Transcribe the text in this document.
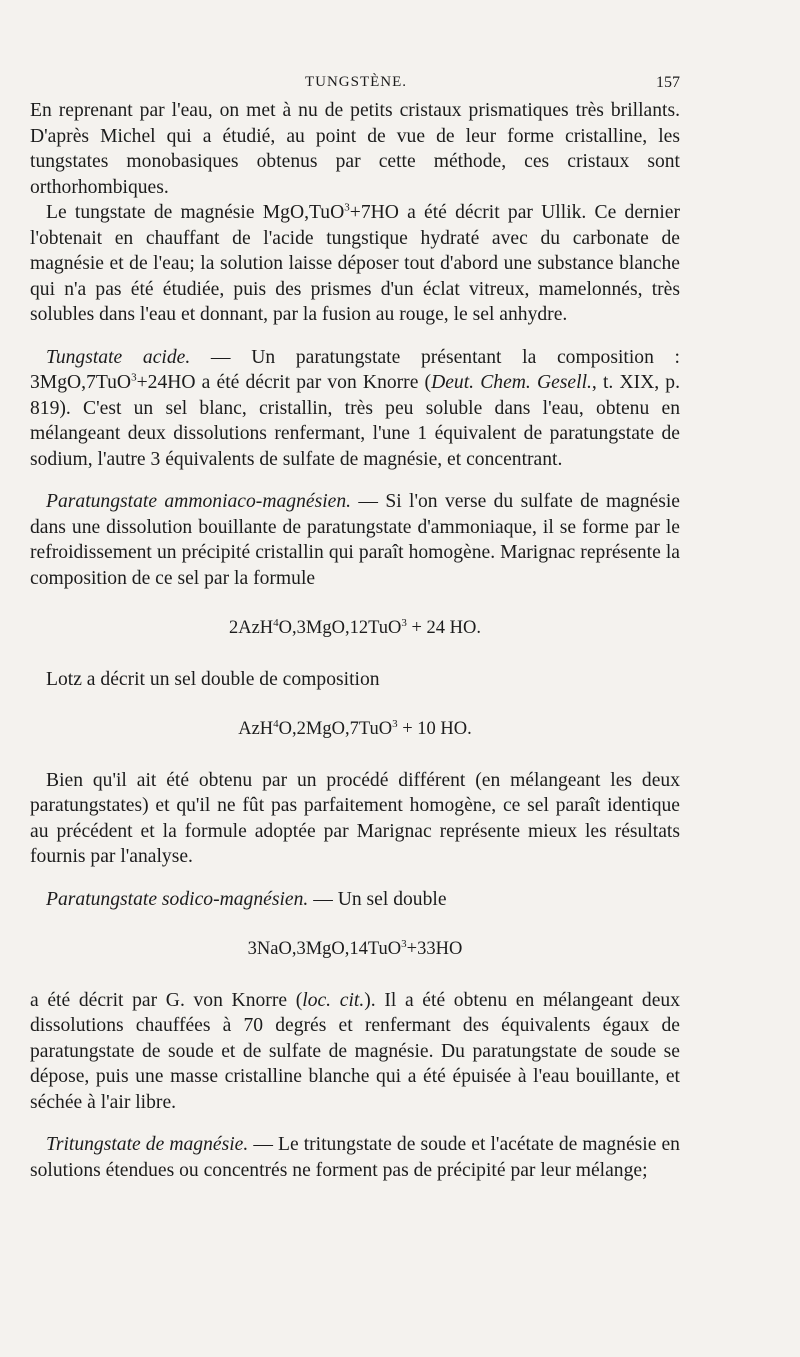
TUNGSTÈNE.	157

En reprenant par l'eau, on met à nu de petits cristaux prismatiques très brillants. D'après Michel qui a étudié, au point de vue de leur forme cristalline, les tungstates monobasiques obtenus par cette méthode, ces cristaux sont orthorhombiques.

Le tungstate de magnésie MgO,TuO$^3$+7HO a été décrit par Ullik. Ce dernier l'obtenait en chauffant de l'acide tungstique hydraté avec du carbonate de magnésie et de l'eau; la solution laisse déposer tout d'abord une substance blanche qui n'a pas été étudiée, puis des prismes d'un éclat vitreux, mamelonnés, très solubles dans l'eau et donnant, par la fusion au rouge, le sel anhydre.

Tungstate acide. — Un paratungstate présentant la composition : 3MgO,7TuO$^3$+24HO a été décrit par von Knorre (Deut. Chem. Gesell., t. XIX, p. 819). C'est un sel blanc, cristallin, très peu soluble dans l'eau, obtenu en mélangeant deux dissolutions renfermant, l'une 1 équivalent de paratungstate de sodium, l'autre 3 équivalents de sulfate de magnésie, et concentrant.

Paratungstate ammoniaco-magnésien. — Si l'on verse du sulfate de magnésie dans une dissolution bouillante de paratungstate d'ammoniaque, il se forme par le refroidissement un précipité cristallin qui paraît homogène. Marignac représente la composition de ce sel par la formule

2AzH$^4$O,3MgO,12TuO$^3$ + 24 HO.

Lotz a décrit un sel double de composition

AzH$^4$O,2MgO,7TuO$^3$ + 10 HO.

Bien qu'il ait été obtenu par un procédé différent (en mélangeant les deux paratungstates) et qu'il ne fût pas parfaitement homogène, ce sel paraît identique au précédent et la formule adoptée par Marignac représente mieux les résultats fournis par l'analyse.

Paratungstate sodico-magnésien. — Un sel double

3NaO,3MgO,14TuO$^3$+33HO

a été décrit par G. von Knorre (loc. cit.). Il a été obtenu en mélangeant deux dissolutions chauffées à 70 degrés et renfermant des équivalents égaux de paratungstate de soude et de sulfate de magnésie. Du paratungstate de soude se dépose, puis une masse cristalline blanche qui a été épuisée à l'eau bouillante, et séchée à l'air libre.

Tritungstate de magnésie. — Le tritungstate de soude et l'acétate de magnésie en solutions étendues ou concentrés ne forment pas de précipité par leur mélange;
